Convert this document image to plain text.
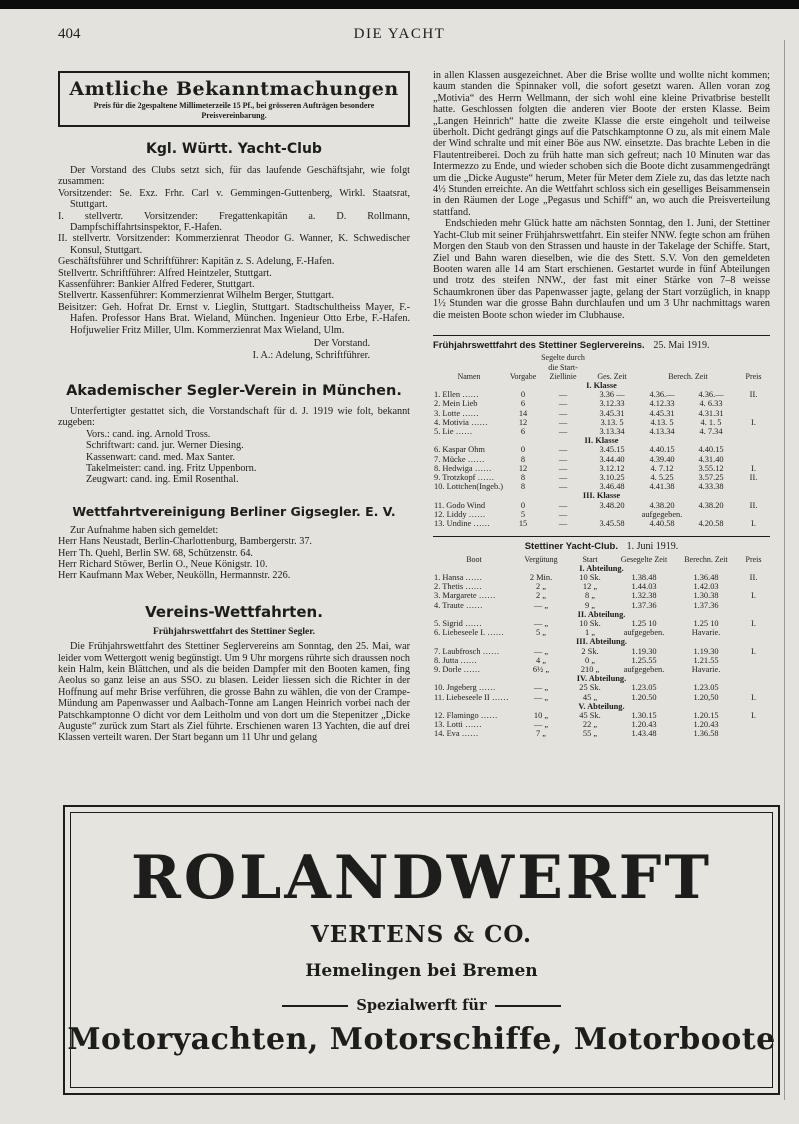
404	DIE YACHT
Amtliche Bekanntmachungen
Preis für die 2gespaltene Millimeterzeile 15 Pf., bei grösseren Aufträgen besondere Preisvereinbarung.
Kgl. Württ. Yacht-Club

Der Vorstand des Clubs setzt sich, für das laufende Geschäftsjahr, wie folgt zusammen:

Vorsitzender: Se. Exz. Frhr. Carl v. Gemmingen-Guttenberg, Wirkl. Staatsrat, Stuttgart.

I. stellvertr. Vorsitzender: Fregattenkapitän a. D. Rollmann, Dampfschiffahrtsinspektor, F.-Hafen.

II. stellvertr. Vorsitzender: Kommerzienrat Theodor G. Wanner, K. Schwedischer Konsul, Stuttgart.

Geschäftsführer und Schriftführer: Kapitän z. S. Adelung, F.-Hafen.

Stellvertr. Schriftführer: Alfred Heintzeler, Stuttgart.

Kassenführer: Bankier Alfred Federer, Stuttgart.

Stellvertr. Kassenführer: Kommerzienrat Wilhelm Berger, Stuttgart.

Beisitzer: Geh. Hofrat Dr. Ernst v. Lieglin, Stuttgart. Stadtschultheiss Mayer, F.-Hafen. Professor Hans Brat. Wieland, München. Ingenieur Otto Erbe, F.-Hafen. Hofjuwelier Fritz Miller, Ulm. Kommerzienrat Max Wieland, Ulm.

Der Vorstand.

I. A.: Adelung, Schriftführer.

Akademischer Segler-Verein in München.

Unterfertigter gestattet sich, die Vorstandschaft für d. J. 1919 wie folt, bekannt zugeben:

Vors.: cand. ing. Arnold Tross.

Schriftwart: cand. jur. Werner Diesing.

Kassenwart: cand. med. Max Santer.

Takelmeister: cand. ing. Fritz Uppenborn.

Zeugwart: cand. ing. Emil Rosenthal.

Wettfahrtvereinigung Berliner Gigsegler. E. V.

Zur Aufnahme haben sich gemeldet:

Herr Hans Neustadt, Berlin-Charlottenburg, Bambergerstr. 37.

Herr Th. Quehl, Berlin SW. 68, Schützenstr. 64.

Herr Richard Stöwer, Berlin O., Neue Königstr. 10.

Herr Kaufmann Max Weber, Neukölln, Hermannstr. 226.

Vereins-Wettfahrten.
Frühjahrswettfahrt des Stettiner Segler.

Die Frühjahrswettfahrt des Stettiner Seglervereins am Sonntag, den 25. Mai, war leider vom Wettergott wenig begünstigt. Um 9 Uhr morgens rührte sich draussen noch kein Halm, kein Blättchen, und als die beiden Dampfer mit den Booten kamen, fing Aeolus so ganz leise an aus SSO. zu blasen. Leider liessen sich die Richter in der Hoffnung auf mehr Brise verführen, die grosse Bahn zu wählen, die von der Crampe-Mündung am Papenwasser und Aalbach-Tonne am Langen Heinrich vorbei nach der Patschkamptonne O dicht vor dem Leitholm und von dort um die Stepenitzer „Dicke Auguste“ zurück zum Start als Ziel führte. Erschienen waren 13 Yachten, die auf drei Klassen verteilt waren. Der Start begann um 11 Uhr und gelang

in allen Klassen ausgezeichnet. Aber die Brise wollte und wollte nicht kommen; kaum standen die Spinnaker voll, die sofort gesetzt waren. Allen voran zog „Motivia“ des Herrn Wellmann, der sich wohl eine kleine Privatbrise bestellt hatte. Geschlossen folgten die anderen vier Boote der ersten Klasse. Beim „Langen Heinrich“ hatte die zweite Klasse die erste eingeholt und teilweise überholt. Dicht gedrängt gings auf die Patschkamptonne O zu, als mit einem Male der Wind schralte und mit einer Böe aus NW. einsetzte. Das brachte Leben in die Flautentreiberei. Doch zu früh hatte man sich gefreut; nach 10 Minuten war das Intermezzo zu Ende, und wieder schoben sich die Boote dicht zusammengedrängt um die „Dicke Auguste“ herum, Meter für Meter dem Ziele zu, das das letzte nach 4½ Stunden erreichte. An die Wettfahrt schloss sich ein geselliges Beisammensein in den Räumen der Loge „Pegasus und Schiff“ an, wo auch die Preisverteilung stattfand.

Endschieden mehr Glück hatte am nächsten Sonntag, den 1. Juni, der Stettiner Yacht-Club mit seiner Frühjahrswettfahrt. Ein steifer NNW. fegte schon am frühen Morgen den Staub von den Strassen und hauste in der Takelage der Schiffe. Start, Ziel und Bahn waren dieselben, wie die des Stett. S.V. Von den gemeldeten Booten waren alle 14 am Start erschienen. Gestartet wurde in fünf Abteilungen und trotz des steifen NNW., der fast mit einer Stärke von 7–8 weisse Schaumkronen über das Papenwasser jagte, gelang der Start vorzüglich, in knapp 1½ Stunden war die grosse Bahn durchlaufen und um 3 Uhr nachmittags waren die meisten Boote schon wieder im Clubhause.

Frühjahrswettfahrt des Stettiner Seglervereins. 25. Mai 1919.
Namen	Vorgabe	Segelte durch die Start- Ziellinie	Ges. Zeit	Berech. Zeit		Preis
I. Klasse						
1. Ellen ……	0	—	3.36 —	4.36.—	4.36.—	II.
2. Mein Lieb	6	—	3.12.33	4.12.33	4. 6.33	
3. Lotte ……	14	—	3.45.31	4.45.31	4.31.31	
4. Motivia ……	12	—	3.13. 5	4.13. 5	4. 1. 5	I.
5. Lie ……	6	—	3.13.34	4.13.34	4. 7.34	
II. Klasse						
6. Kaspar Ohm	0	—	3.45.15	4.40.15	4.40.15	
7. Mücke ……	8	—	3.44.40	4.39.40	4.31.40	
8. Hedwiga ……	12	—	3.12.12	4. 7.12	3.55.12	I.
9. Trotzkopf ……	8	—	3.10.25	4. 5.25	3.57.25	II.
10. Lottchen(Ingeb.)	8	—	3.46.48	4.41.38	4.33.38	
III. Klasse						
11. Godo Wind	0	—	3.48.20	4.38.20	4.38.20	II.
12. Liddy ……	5	—		aufgegeben.		
13. Undine ……	15	—	3.45.58	4.40.58	4.20.58	I.
Stettiner Yacht-Club. 1. Juni 1919.
Boot	Vergütung	Start	Gesegelte Zeit	Berechn. Zeit	Preis
I. Abteilung.					
1. Hansa ……	2 Min.	10 Sk.	1.38.48	1.36.48	II.
2. Thetis ……	2 „	12 „	1.44.03	1.42.03	
3. Margarete ……	2 „	8 „	1.32.38	1.30.38	I.
4. Traute ……	— „	9 „	1.37.36	1.37.36	
II. Abteilung.					
5. Sigrid ……	— „	10 Sk.	1.25 10	1.25 10	I.
6. Liebeseele I. ……	5 „	1 „	aufgegeben.	Havarie.	
III. Abteilung.					
7. Laubfrosch ……	— „	2 Sk.	1.19.30	1.19.30	I.
8. Jutta ……	4 „	0 „	1.25.55	1.21.55	
9. Dorle ……	6½ „	210 „	aufgegeben.	Havarie.	
IV. Abteilung.					
10. Jngeberg ……	— „	25 Sk.	1.23.05	1.23.05	
11. Liebeseele II ……	— „	45 „	1.20.50	1.20,50	I.
V. Abteilung.					
12. Flamingo ……	10 „	45 Sk.	1.30.15	1.20.15	I.
13. Lotti ……	— „	22 „	1.20.43	1.20.43	
14. Eva ……	7 „	55 „	1.43.48	1.36.58	
ROLANDWERFT
VERTENS & CO.
Hemelingen bei Bremen
Spezialwerft für
Motoryachten, Motorschiffe, Motorboote
